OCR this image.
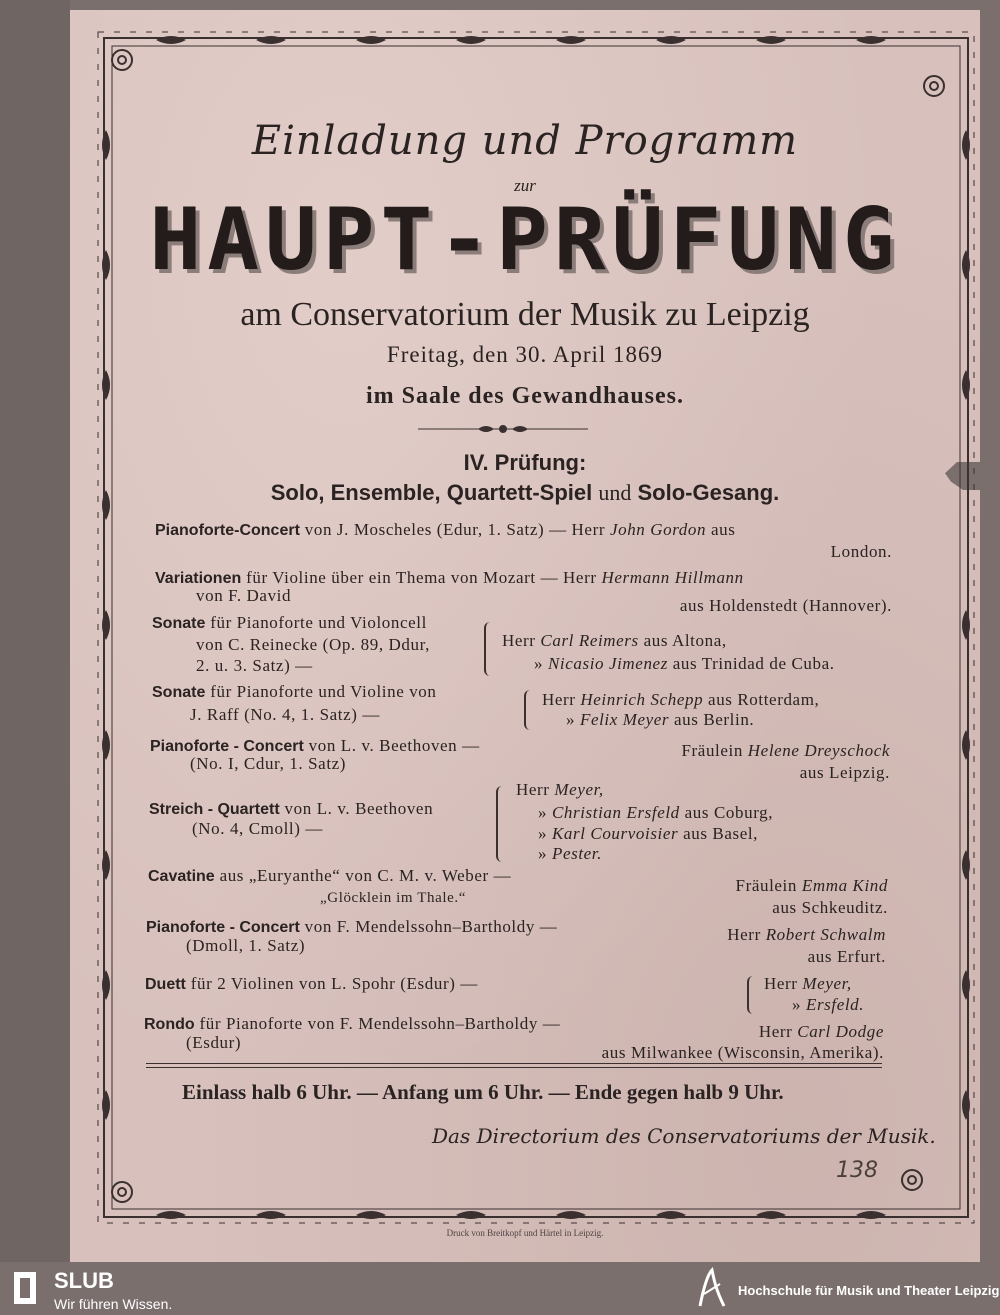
Einladung und Programm
zur
HAUPT-PRÜFUNG
am Conservatorium der Musik zu Leipzig
Freitag, den 30. April 1869
im Saale des Gewandhauses.
IV. Prüfung:
Solo, Ensemble, Quartett-Spiel und Solo-Gesang.
Pianoforte-Concert von J. Moscheles (Edur, 1. Satz) — Herr John Gordon aus
London.
Variationen für Violine über ein Thema von Mozart — Herr Hermann Hillmann
von F. David
aus Holdenstedt (Hannover).
Sonate für Pianoforte und Violoncell
von C. Reinecke (Op. 89, Ddur,
2. u. 3. Satz) —
Herr Carl Reimers aus Altona,
» Nicasio Jimenez aus Trinidad de Cuba.
Sonate für Pianoforte und Violine von
J. Raff (No. 4, 1. Satz) —
Herr Heinrich Schepp aus Rotterdam,
» Felix Meyer aus Berlin.
Pianoforte - Concert von L. v. Beethoven —
(No. I, Cdur, 1. Satz)
Fräulein Helene Dreyschock
aus Leipzig.
Streich - Quartett von L. v. Beethoven
(No. 4, Cmoll) —
Herr Meyer,
» Christian Ersfeld aus Coburg,
» Karl Courvoisier aus Basel,
» Pester.
Cavatine aus „Euryanthe“ von C. M. v. Weber —
„Glöcklein im Thale.“
Fräulein Emma Kind
aus Schkeuditz.
Pianoforte - Concert von F. Mendelssohn–Bartholdy —
(Dmoll, 1. Satz)
Herr Robert Schwalm
aus Erfurt.
Duett für 2 Violinen von L. Spohr (Esdur) —	Herr Meyer,
» Ersfeld.
Rondo für Pianoforte von F. Mendelssohn–Bartholdy —
(Esdur)
Herr Carl Dodge
aus Milwankee (Wisconsin, Amerika).
Einlass halb 6 Uhr. — Anfang um 6 Uhr. — Ende gegen halb 9 Uhr.
Das Directorium des Conservatoriums der Musik.
138
Druck von Breitkopf und Härtel in Leipzig.
SLUB
Wir führen Wissen.
Hochschule für Musik und Theater Leipzig
